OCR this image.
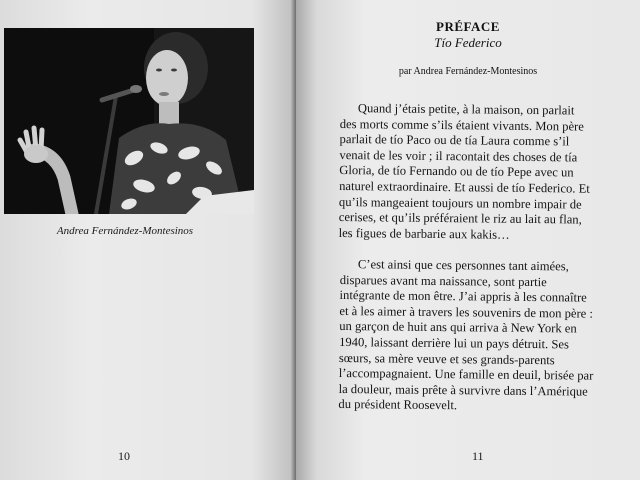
Andrea Fernández-Montesinos
10
PRÉFACE
Tío Federico
par Andrea Fernández-Montesinos
Quand j’étais petite, à la maison, on parlait
des morts comme s’ils étaient vivants. Mon père
parlait de tío Paco ou de tía Laura comme s’il
venait de les voir ; il racontait des choses de tía
Gloria, de tío Fernando ou de tío Pepe avec un
naturel extraordinaire. Et aussi de tío Federico. Et
qu’ils mangeaient toujours un nombre impair de
cerises, et qu’ils préféraient le riz au lait au flan,
les figues de barbarie aux kakis…
C’est ainsi que ces personnes tant aimées,
disparues avant ma naissance, sont partie
intégrante de mon être. J’ai appris à les connaître
et à les aimer à travers les souvenirs de mon père :
un garçon de huit ans qui arriva à New York en
1940, laissant derrière lui un pays détruit. Ses
sœurs, sa mère veuve et ses grands-parents
l’accompagnaient. Une famille en deuil, brisée par
la douleur, mais prête à survivre dans l’Amérique
du président Roosevelt.
11
